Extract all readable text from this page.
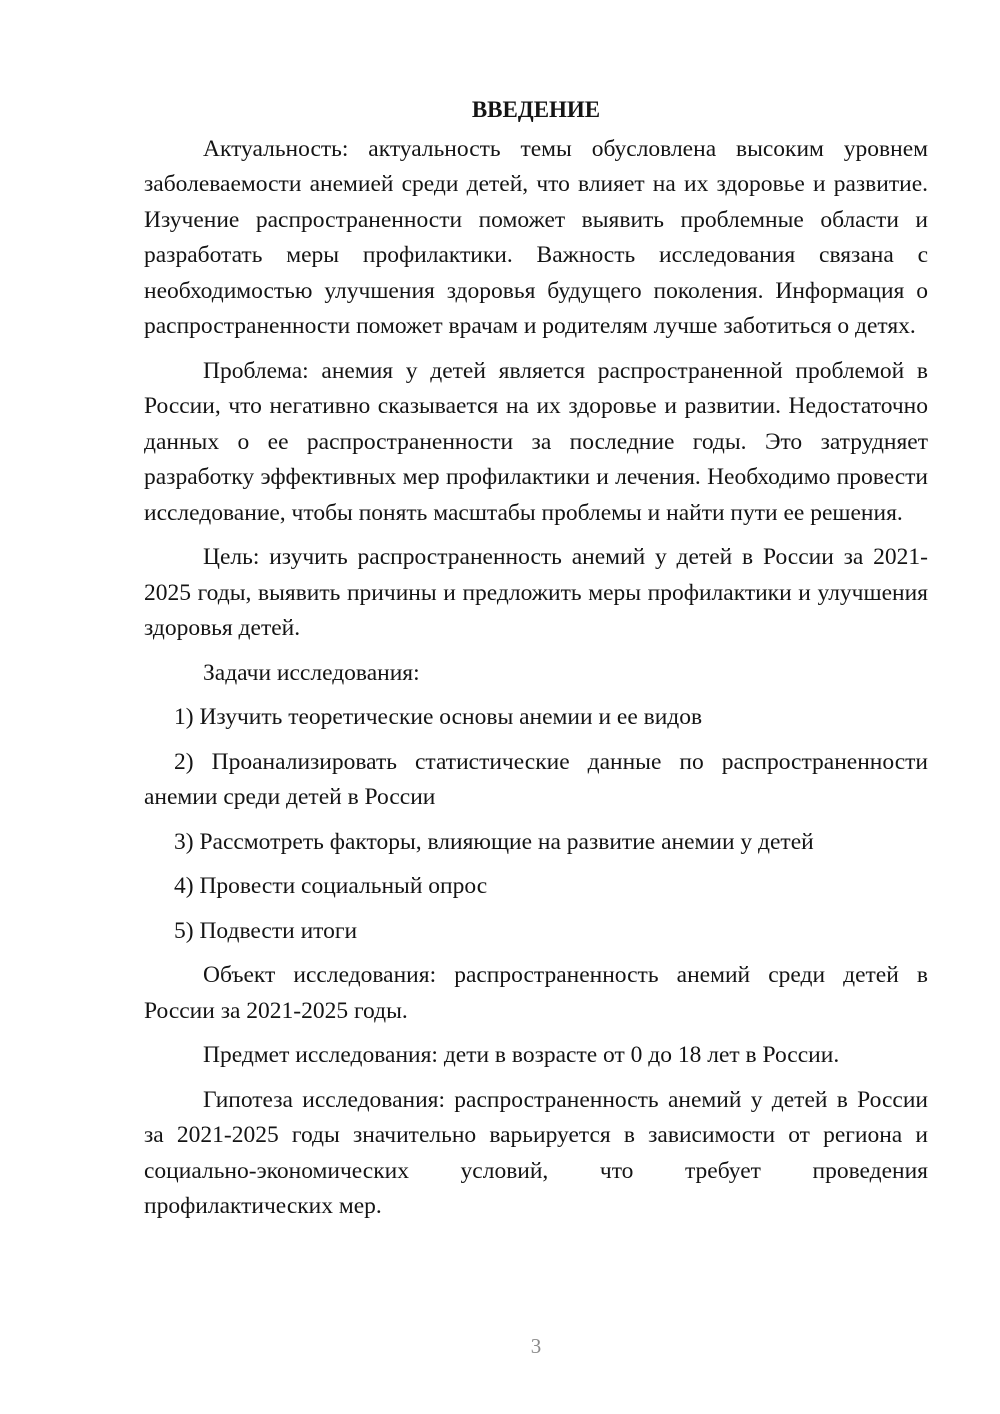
ВВЕДЕНИЕ

Актуальность: актуальность темы обусловлена высоким уровнем заболеваемости анемией среди детей, что влияет на их здоровье и развитие. Изучение распространенности поможет выявить проблемные области и разработать меры профилактики. Важность исследования связана с необходимостью улучшения здоровья будущего поколения. Информация о распространенности поможет врачам и родителям лучше заботиться о детях.

Проблема: анемия у детей является распространенной проблемой в России, что негативно сказывается на их здоровье и развитии. Недостаточно данных о ее распространенности за последние годы. Это затрудняет разработку эффективных мер профилактики и лечения. Необходимо провести исследование, чтобы понять масштабы проблемы и найти пути ее решения.

Цель: изучить распространенность анемий у детей в России за 2021-2025 годы, выявить причины и предложить меры профилактики и улучшения здоровья детей.

Задачи исследования:

1) Изучить теоретические основы анемии и ее видов

2) Проанализировать статистические данные по распространенности анемии среди детей в России

3) Рассмотреть факторы, влияющие на развитие анемии у детей

4) Провести социальный опрос

5) Подвести итоги

Объект исследования: распространенность анемий среди детей в России за 2021-2025 годы.

Предмет исследования: дети в возрасте от 0 до 18 лет в России.

Гипотеза исследования: распространенность анемий у детей в России за 2021-2025 годы значительно варьируется в зависимости от региона и социально-экономических условий, что требует проведения профилактических мер.

3
